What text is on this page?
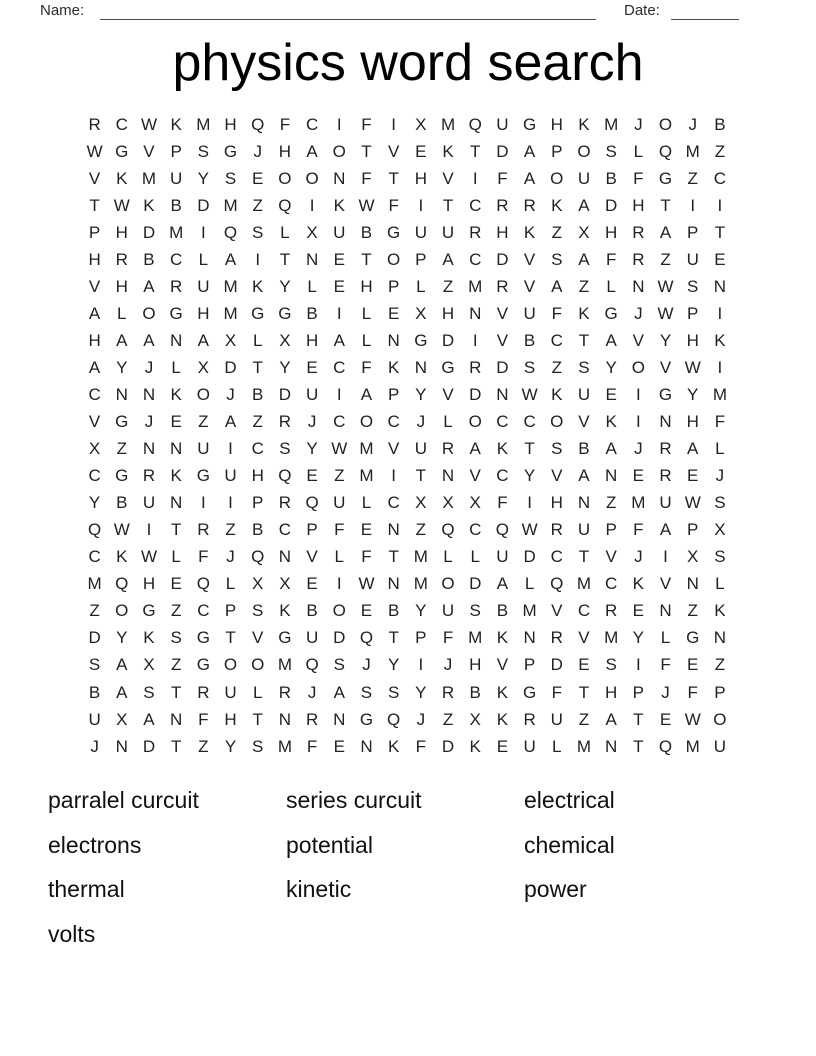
Name:	Date:
physics word search
R C W K M H Q F C	I	F	I	X M Q U G H K M J O J	B
W G V P S G J H A O T V E K T D A P O S L Q M Z
V K M U Y S E O O N F T H V	I	F A O U B F G Z C
T W K B D M Z Q	I	K W F	I	T C R R K A D H T	I	I
P H D M	I	Q S L X U B G U U R H K Z X H R A P T
H R B C L A	I	T N E T O P A C D V S A F R Z U E
V H A R U M K Y L E H P L	Z M R V A Z	L N W S N
A L O G H M G G B	I	L E X H N V U F K G J W P	I
H A A N A X L X H A L N G D	I	V B C T A V Y H K
A Y	J	L X D T Y E C F K N G R D S Z S Y O V W I
C N N K O J	B D U	I	A P Y V D N W K U E	I	G Y M
V G J	E Z A Z R J C O C J	L O C C O V K	I	N H F
X Z N N U	I	C S Y W M V U R A K T S B A	J R A L
C G R K G U H Q E Z M	I	T N V C Y V A N E R E	J
Y B U N	I	I	P R Q U L C X X X F	I	H N Z M U W S
Q W I	T R Z B C P F E N Z Q C Q W R U P F A P X
C K W L	F	J Q N V L	F T M L	L U D C T V	J	I	X S
M Q H E Q L X X E	I W N M O D A L Q M C K V N L
Z O G Z C P S K B O E B Y U S B M V C R E N Z K
D Y K S G T V G U D Q T P F M K N R V M Y L G N
S A X Z G O O M Q S	J	Y	I	J H V P D E S	I	F E Z
B A S T R U L R J	A S S Y R B K G F T H P	J	F P
U X A N F H T N R N G Q J	Z X K R U Z A T E W O
J N D T Z Y S M F E N K F D K E U L M N T Q M U
parralel curcuit
electrons
thermal
volts
series curcuit
potential
kinetic
electrical
chemical
power
